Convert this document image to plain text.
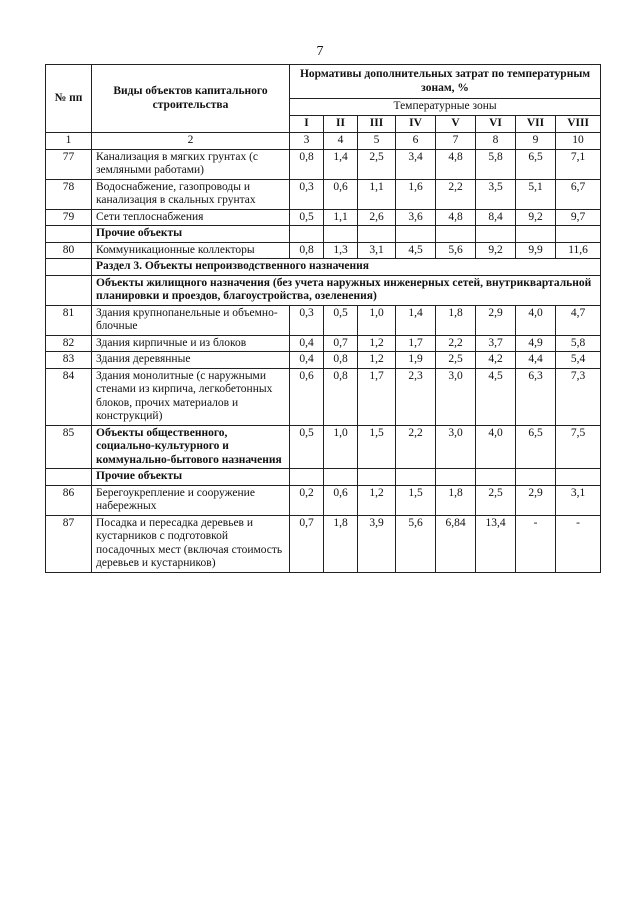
7
№ пп	Виды объектов капитального строительства	Нормативы дополнительных затрат по температурным зонам, %							
		Температурные зоны							
		I	II	III	IV	V	VI	VII	VIII
1	2	3	4	5	6	7	8	9	10
77	Канализация в мягких грунтах (с земляными работами)	0,8	1,4	2,5	3,4	4,8	5,8	6,5	7,1
78	Водоснабжение, газопроводы и канализация в скальных грунтах	0,3	0,6	1,1	1,6	2,2	3,5	5,1	6,7
79	Сети теплоснабжения	0,5	1,1	2,6	3,6	4,8	8,4	9,2	9,7
	Прочие объекты								
80	Коммуникационные коллекторы	0,8	1,3	3,1	4,5	5,6	9,2	9,9	11,6
	Раздел 3. Объекты непроизводственного назначения								
	Объекты жилищного назначения (без учета наружных инженерных сетей, внутриквартальной планировки и проездов, благоустройства, озеленения)								
81	Здания крупнопанельные и объемно-блочные	0,3	0,5	1,0	1,4	1,8	2,9	4,0	4,7
82	Здания кирпичные и из блоков	0,4	0,7	1,2	1,7	2,2	3,7	4,9	5,8
83	Здания деревянные	0,4	0,8	1,2	1,9	2,5	4,2	4,4	5,4
84	Здания монолитные (с наружными стенами из кирпича, легкобетонных блоков, прочих материалов и конструкций)	0,6	0,8	1,7	2,3	3,0	4,5	6,3	7,3
85	Объекты общественного, социально-культурного и коммунально-бытового назначения	0,5	1,0	1,5	2,2	3,0	4,0	6,5	7,5
	Прочие объекты								
86	Берегоукрепление и сооружение набережных	0,2	0,6	1,2	1,5	1,8	2,5	2,9	3,1
87	Посадка и пересадка деревьев и кустарников с подготовкой посадочных мест (включая стоимость деревьев и кустарников)	0,7	1,8	3,9	5,6	6,84	13,4	-	-
